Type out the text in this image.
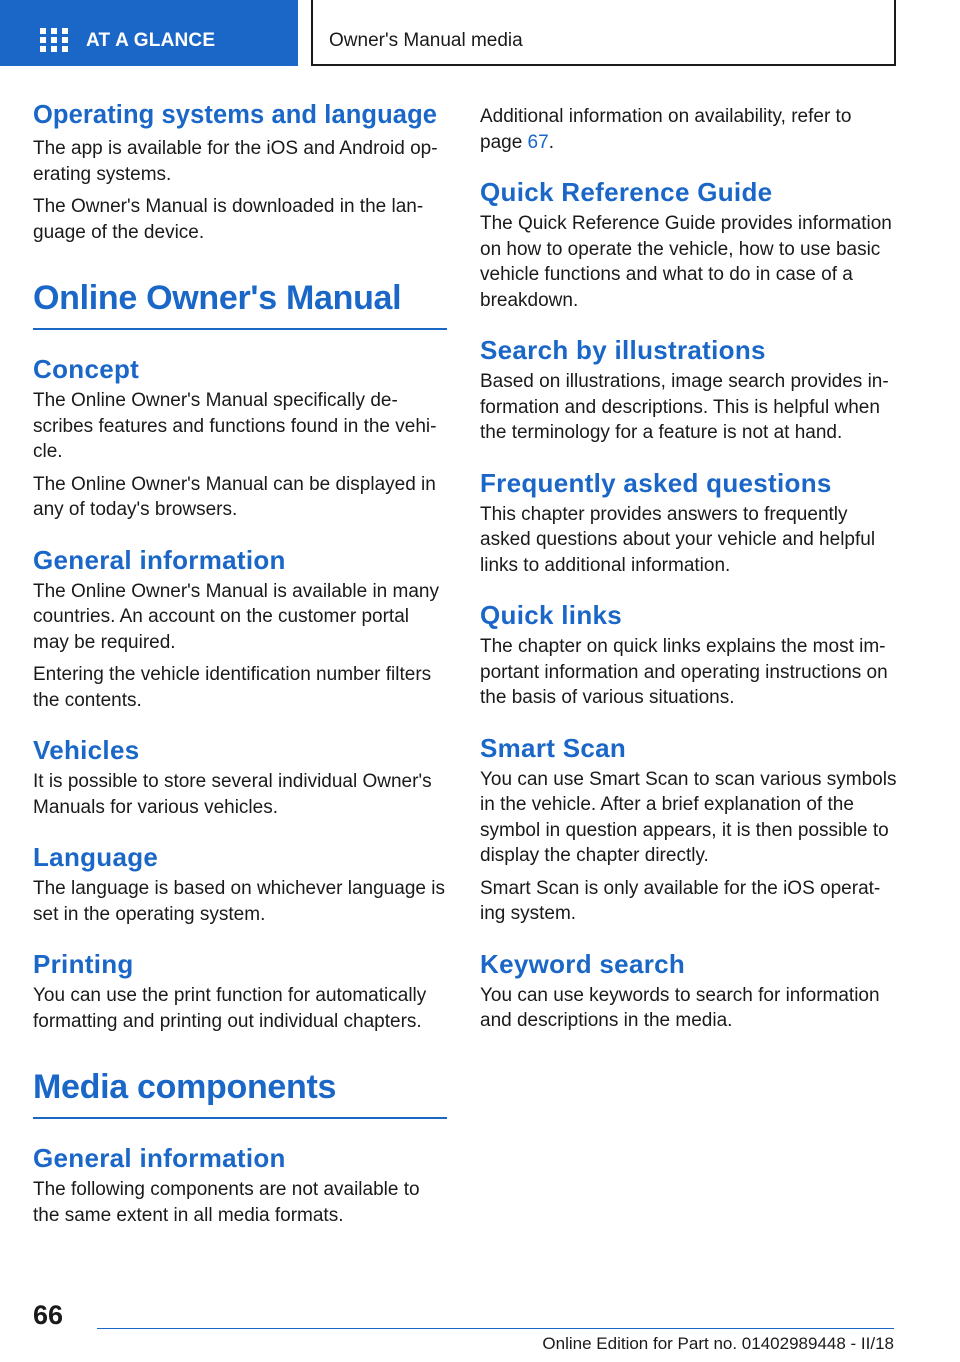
AT A GLANCE	Owner's Manual media
Operating systems and language
The app is available for the iOS and Android op‐
erating systems.
The Owner's Manual is downloaded in the lan‐
guage of the device.
Online Owner's Manual
Concept
The Online Owner's Manual specifically de‐
scribes features and functions found in the vehi‐
cle.
The Online Owner's Manual can be displayed in
any of today's browsers.
General information
The Online Owner's Manual is available in many
countries. An account on the customer portal
may be required.
Entering the vehicle identification number filters
the contents.
Vehicles
It is possible to store several individual Owner's
Manuals for various vehicles.
Language
The language is based on whichever language is
set in the operating system.
Printing
You can use the print function for automatically
formatting and printing out individual chapters.
Media components
General information
The following components are not available to
the same extent in all media formats.
Additional information on availability, refer to
page 67.
Quick Reference Guide
The Quick Reference Guide provides information
on how to operate the vehicle, how to use basic
vehicle functions and what to do in case of a
breakdown.
Search by illustrations
Based on illustrations, image search provides in‐
formation and descriptions. This is helpful when
the terminology for a feature is not at hand.
Frequently asked questions
This chapter provides answers to frequently
asked questions about your vehicle and helpful
links to additional information.
Quick links
The chapter on quick links explains the most im‐
portant information and operating instructions on
the basis of various situations.
Smart Scan
You can use Smart Scan to scan various symbols
in the vehicle. After a brief explanation of the
symbol in question appears, it is then possible to
display the chapter directly.
Smart Scan is only available for the iOS operat‐
ing system.
Keyword search
You can use keywords to search for information
and descriptions in the media.
66
Online Edition for Part no. 01402989448 - II/18
